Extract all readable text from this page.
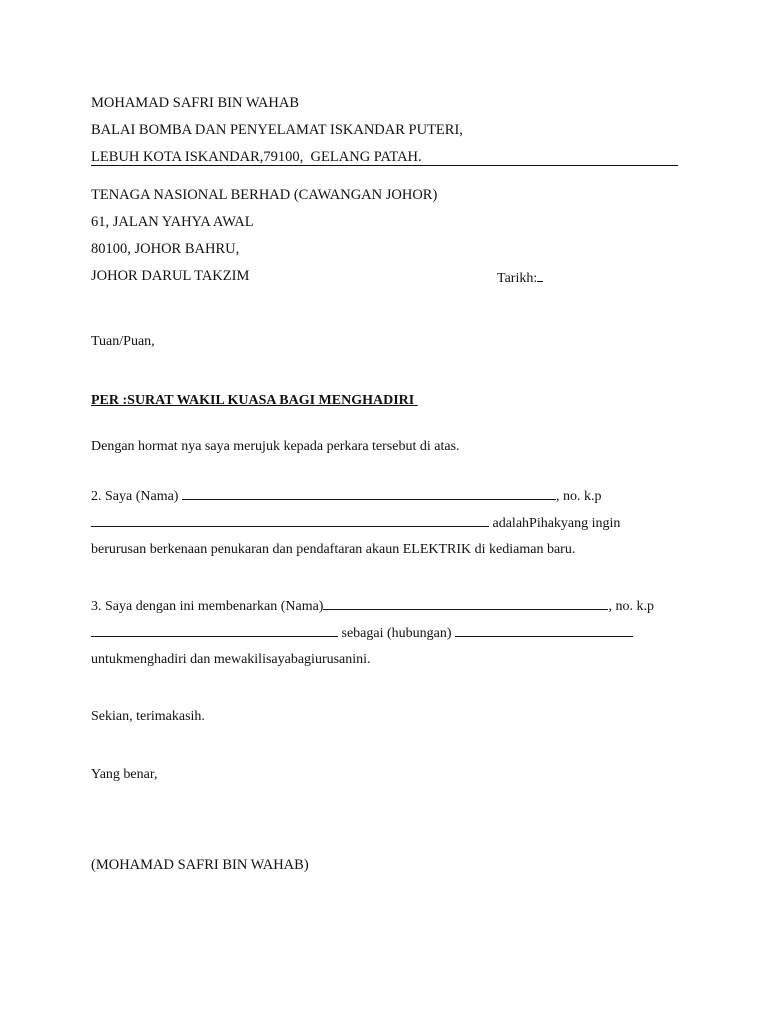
MOHAMAD SAFRI BIN WAHAB
BALAI BOMBA DAN PENYELAMAT ISKANDAR PUTERI,
LEBUH KOTA ISKANDAR,79100,  GELANG PATAH.
TENAGA NASIONAL BERHAD (CAWANGAN JOHOR)
61, JALAN YAHYA AWAL
80100, JOHOR BAHRU,
JOHOR DARUL TAKZIM	Tarikh:
Tuan/Puan,
PER :SURAT WAKIL KUASA BAGI MENGHADIRI
Dengan hormat nya saya merujuk kepada perkara tersebut di atas.
2. Saya (Nama)	, no. k.p
adalahPihakyang ingin
berurusan berkenaan penukaran dan pendaftaran akaun ELEKTRIK di kediaman baru.
3. Saya dengan ini membenarkan (Nama)	, no. k.p
sebagai (hubungan)
untukmenghadiri dan mewakilisayabagiurusanini.
Sekian, terimakasih.
Yang benar,
(MOHAMAD SAFRI BIN WAHAB)
